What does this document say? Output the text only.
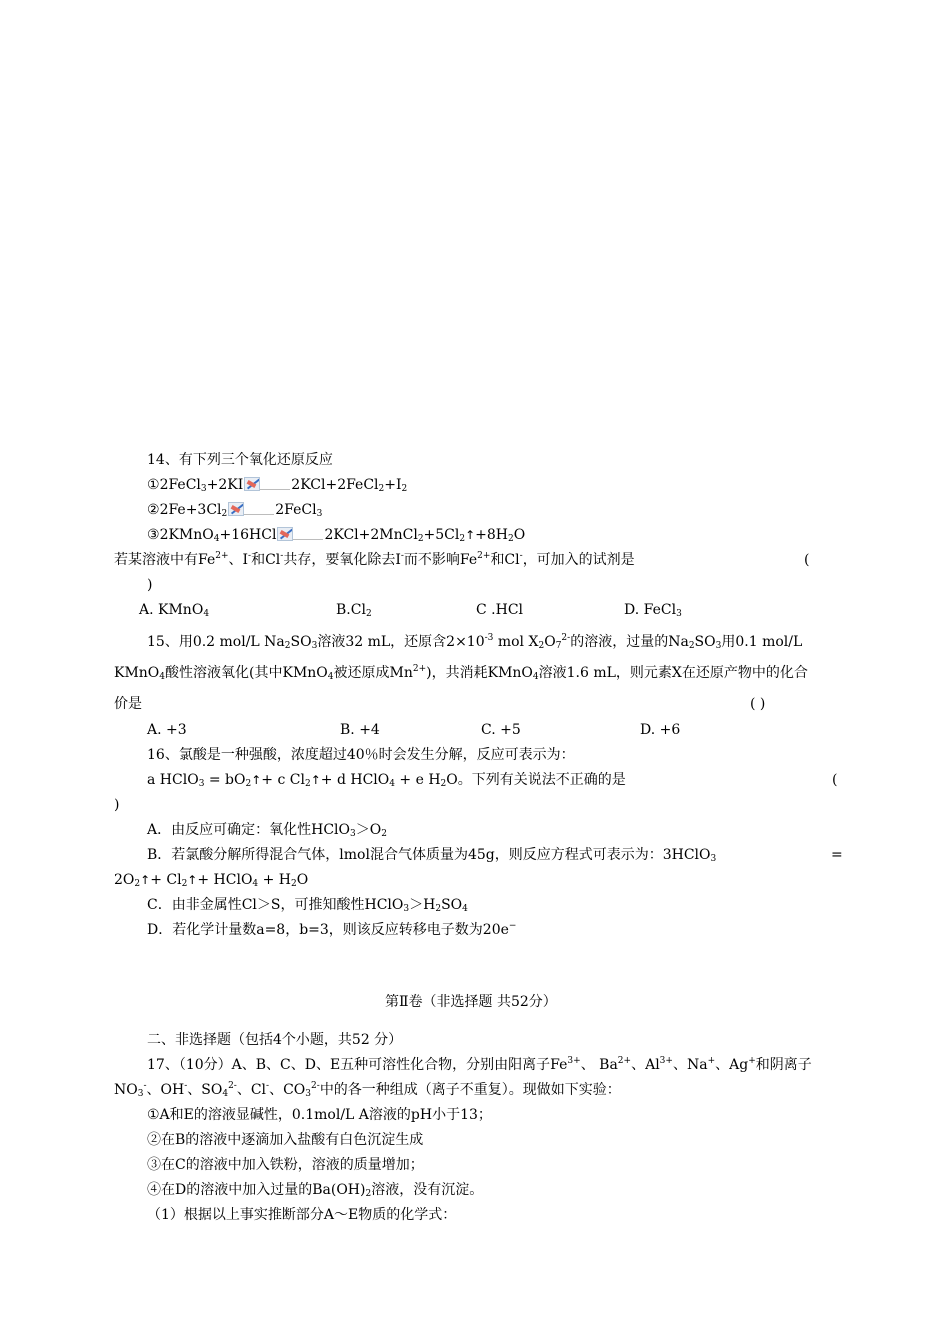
14、有下列三个氧化还原反应
①2FeCl$_3$+2KI	$2KCl+2FeCl_2+I_2$
$②2Fe+3Cl_2$	2FeCl$_3$
③2KMnO$_4$+16HCl	$2KCl+2MnCl_2+5Cl_2↑+8H_2O$
若某溶液中有$Fe^{2+}$、I-和Cl-共存，要氧化除去I-而不影响$Fe^{2+}$和Cl-，可加入的试剂是	(
)
A. KMnO$_4$	$B.Cl_2$	C .HCl	D. FeCl$_3$
15、用0.2 mol/L $Na_2SO_3$溶液32 mL，还原含$2\times 10^{-3}$ mol $X_2O_7^{2-}$的溶液，过量的$Na_2SO_3$用0.1 mol/L
KMnO$_4$酸性溶液氧化(其中KMnO$_4$被还原成$Mn^{2+}$)，共消耗KMnO$_4$溶液1.6 mL，则元素X在还原产物中的化合
价是	( )
A. +3	B. +4	C. +5	D. +6
16、氯酸是一种强酸，浓度超过40％时会发生分解，反应可表示为：
a HClO$_3$ = $bO_2↑+ c$ $Cl_2↑+ d$ HClO$_4$ + e $H_2O$。下列有关说法不正确的是	(
)
A．由反应可确定：氧化性$HClO_3>O_2$
B．若氯酸分解所得混合气体，lmol混合气体质量为45g，则反应方程式可表示为：3HClO$_3$	=
$2O_2↑+$ $Cl_2↑+$ HClO$_4$ + $H_2O$
C．由非金属性Cl＞S，可推知酸性$HClO_3>H_2SO_4$
D．若化学计量数a=8，b=3，则该反应转移电子数为20e−
第Ⅱ卷（非选择题 共52分）
二、非选择题（包括4个小题，共52 分）
17、（10分）A、B、C、D、E五种可溶性化合物，分别由阳离子$Fe^{3+}$、 $Ba^{2+}$、$Al^{3+}$、Na+、Ag+和阴离子
$NO_3^-$、OH-、$SO_4^{2-}$、Cl-、$CO_3^{2-}$中的各一种组成（离子不重复）。现做如下实验：
①A和E的溶液显碱性，0.1mol/L A溶液的pH小于13；
②在B的溶液中逐滴加入盐酸有白色沉淀生成
③在C的溶液中加入铁粉，溶液的质量增加；
④在D的溶液中加入过量的$Ba(OH)_2$溶液，没有沉淀。
（1）根据以上事实推断部分A～E物质的化学式：
